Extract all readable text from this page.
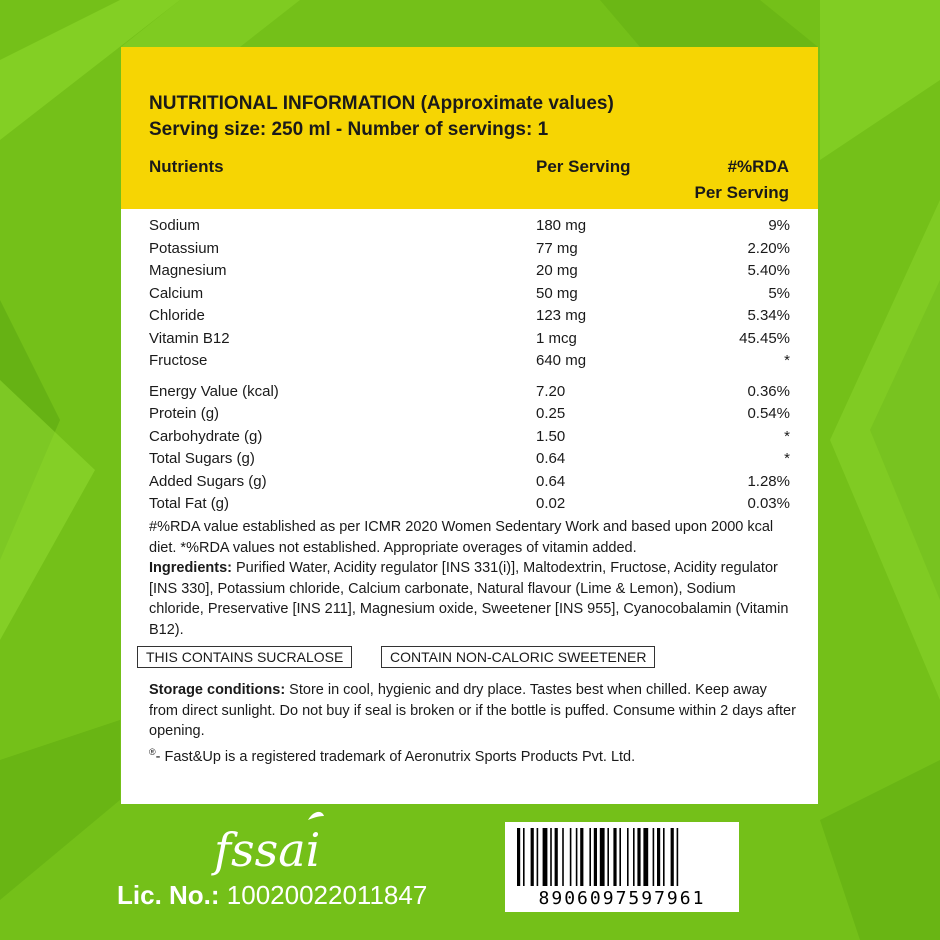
NUTRITIONAL INFORMATION (Approximate values)
Serving size: 250 ml - Number of servings: 1
Nutrients	Per Serving	#%RDA
Per Serving
Sodium	180 mg	9%
Potassium	77 mg	2.20%
Magnesium	20 mg	5.40%
Calcium	50 mg	5%
Chloride	123 mg	5.34%
Vitamin B12	1 mcg	45.45%
Fructose	640 mg	*
Energy Value (kcal)	7.20	0.36%
Protein (g)	0.25	0.54%
Carbohydrate (g)	1.50	*
Total Sugars (g)	0.64	*
Added Sugars (g)	0.64	1.28%
Total Fat (g)	0.02	0.03%
#%RDA value established as per ICMR 2020 Women Sedentary Work and based upon 2000 kcal diet. *%RDA values not established. Appropriate overages of vitamin added.
Ingredients: Purified Water, Acidity regulator [INS 331(i)], Maltodextrin, Fructose, Acidity regulator [INS 330], Potassium chloride, Calcium carbonate, Natural flavour (Lime & Lemon), Sodium chloride, Preservative [INS 211], Magnesium oxide, Sweetener [INS 955], Cyanocobalamin (Vitamin B12).
THIS CONTAINS SUCRALOSE	CONTAIN NON-CALORIC SWEETENER
Storage conditions: Store in cool, hygienic and dry place. Tastes best when chilled. Keep away from direct sunlight. Do not buy if seal is broken or if the bottle is puffed. Consume within 2 days after opening.
®- Fast&Up is a registered trademark of Aeronutrix Sports Products Pvt. Ltd.
fssai
Lic. No.: 10020022011847	8906097597961
